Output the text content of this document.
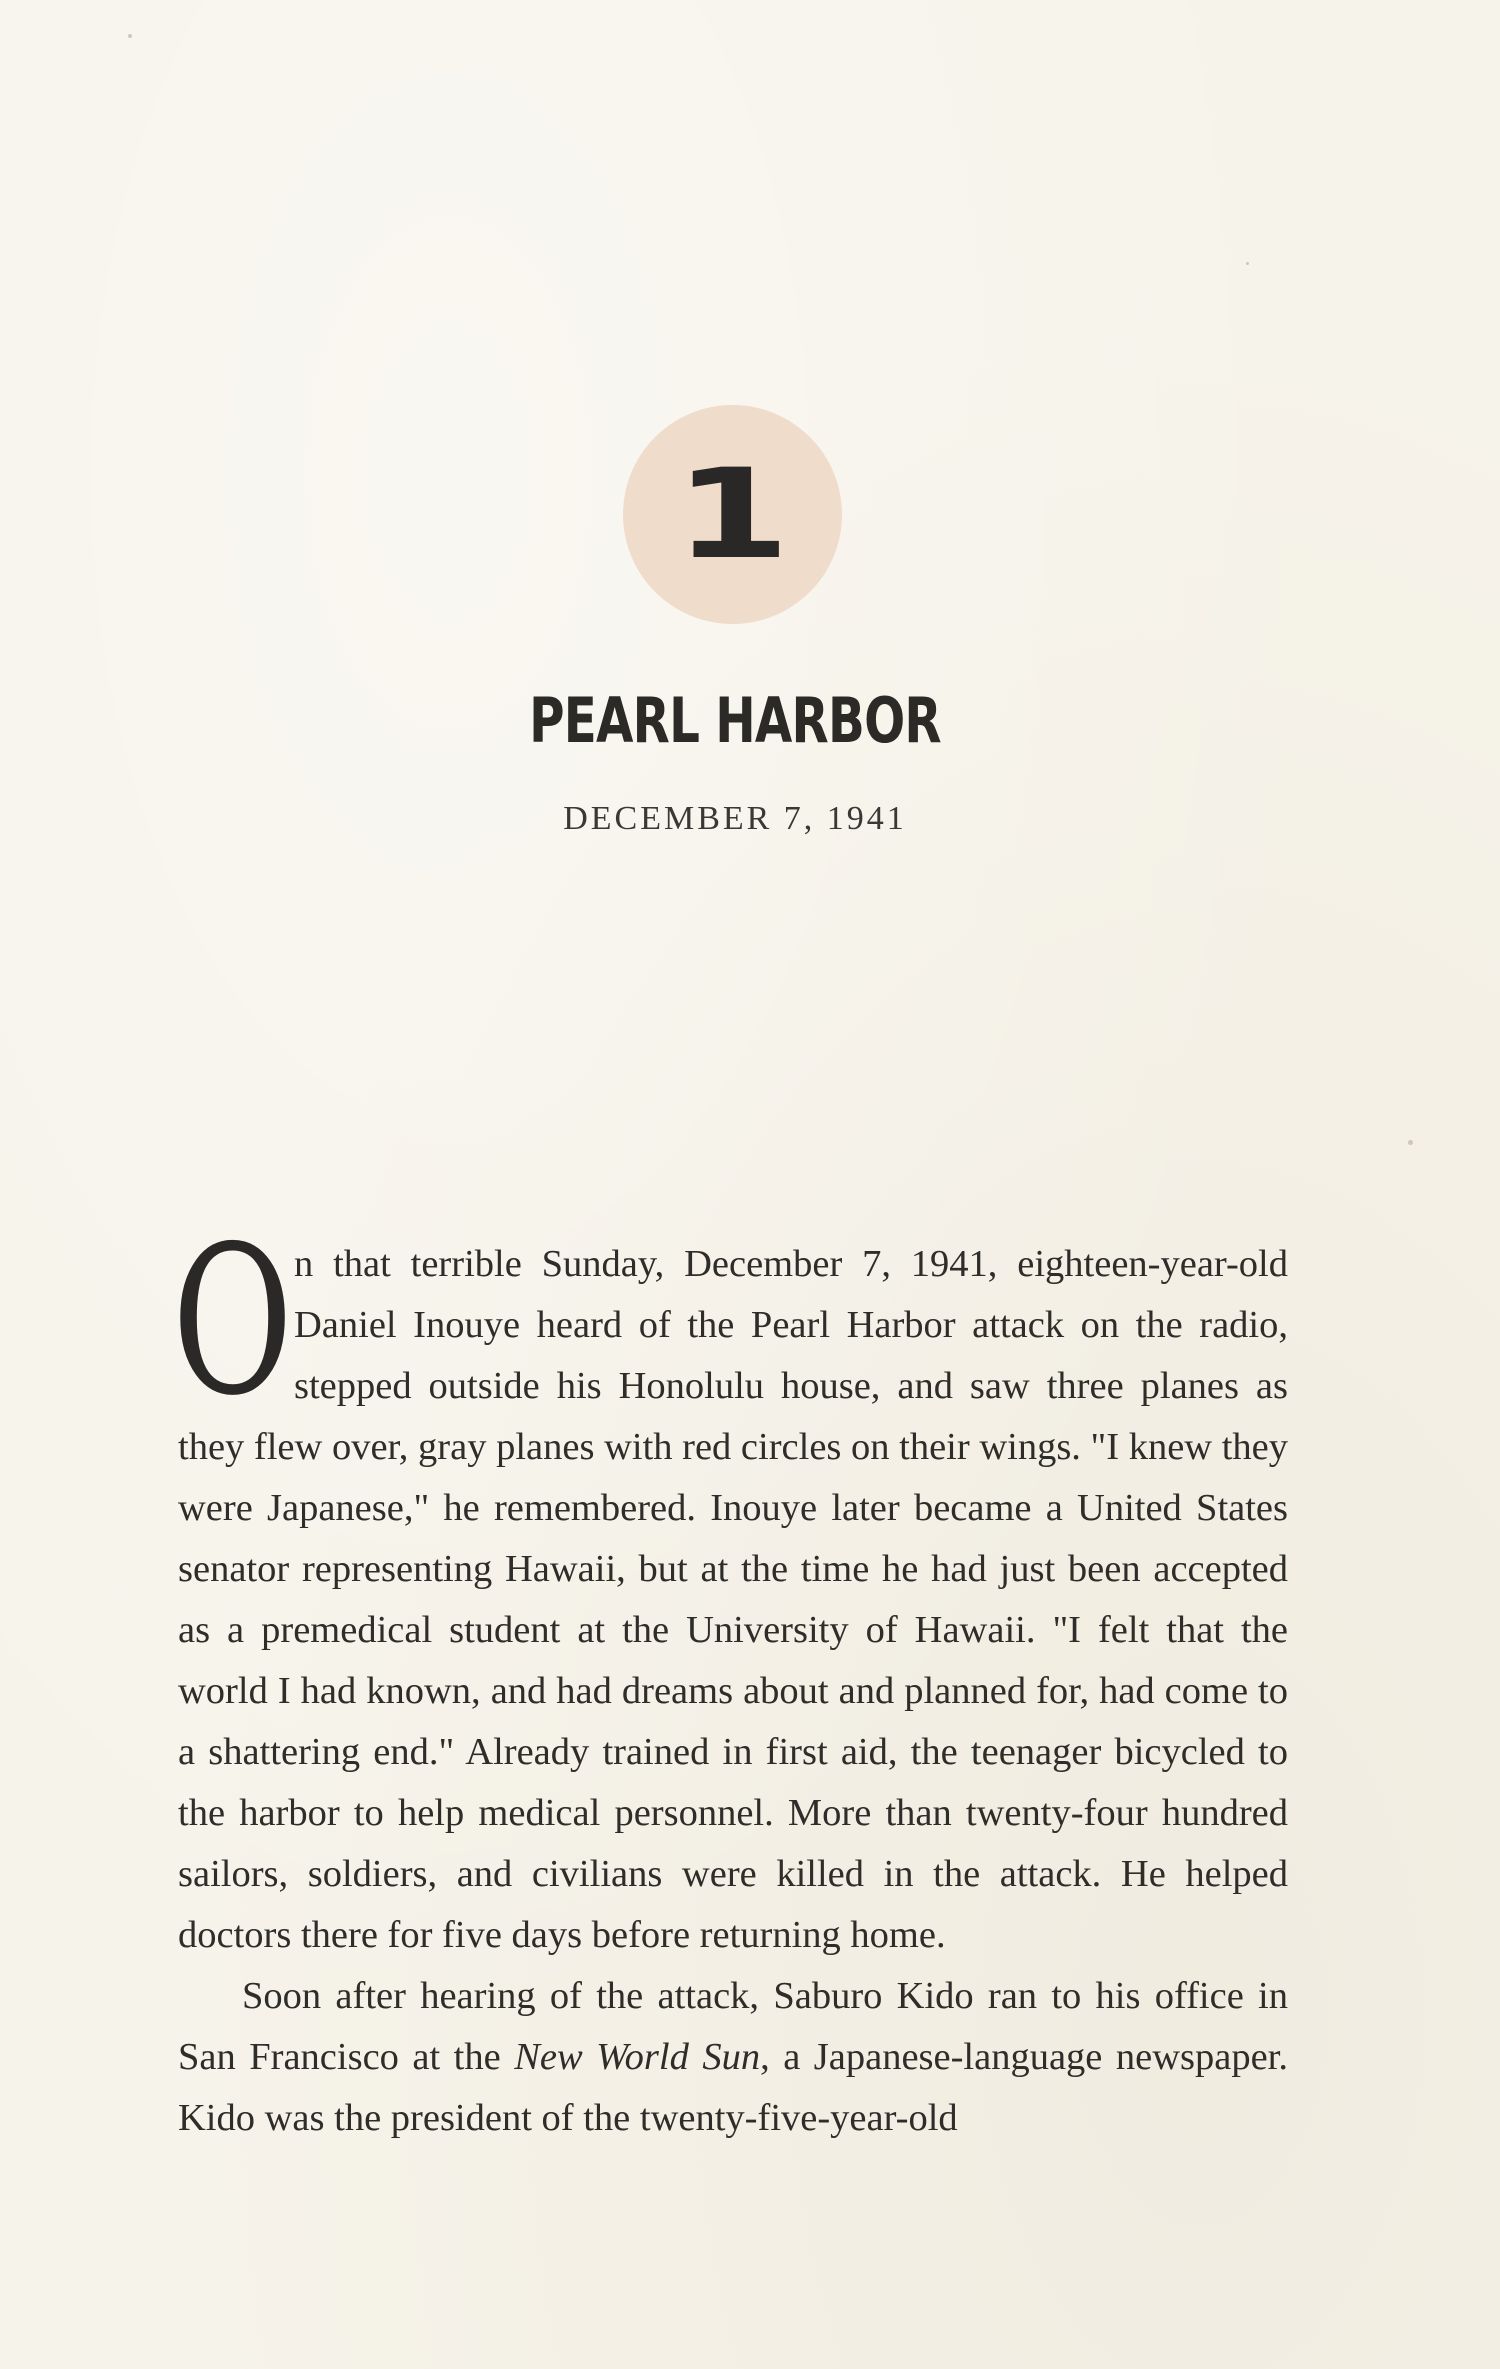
1
PEARL HARBOR
DECEMBER 7, 1941

On that terrible Sunday, December 7, 1941, eighteen-year-old Daniel Inouye heard of the Pearl Harbor attack on the radio, stepped outside his Honolulu house, and saw three planes as they flew over, gray planes with red circles on their wings. "I knew they were Japanese," he remembered. Inouye later became a United States senator representing Hawaii, but at the time he had just been accepted as a premedical student at the University of Hawaii. "I felt that the world I had known, and had dreams about and planned for, had come to a shattering end." Already trained in first aid, the teenager bicycled to the harbor to help medical personnel. More than twenty-four hundred sailors, soldiers, and civilians were killed in the attack. He helped doctors there for five days before returning home.

Soon after hearing of the attack, Saburo Kido ran to his office in San Francisco at the New World Sun, a Japanese-language newspaper. Kido was the president of the twenty-five-year-old
